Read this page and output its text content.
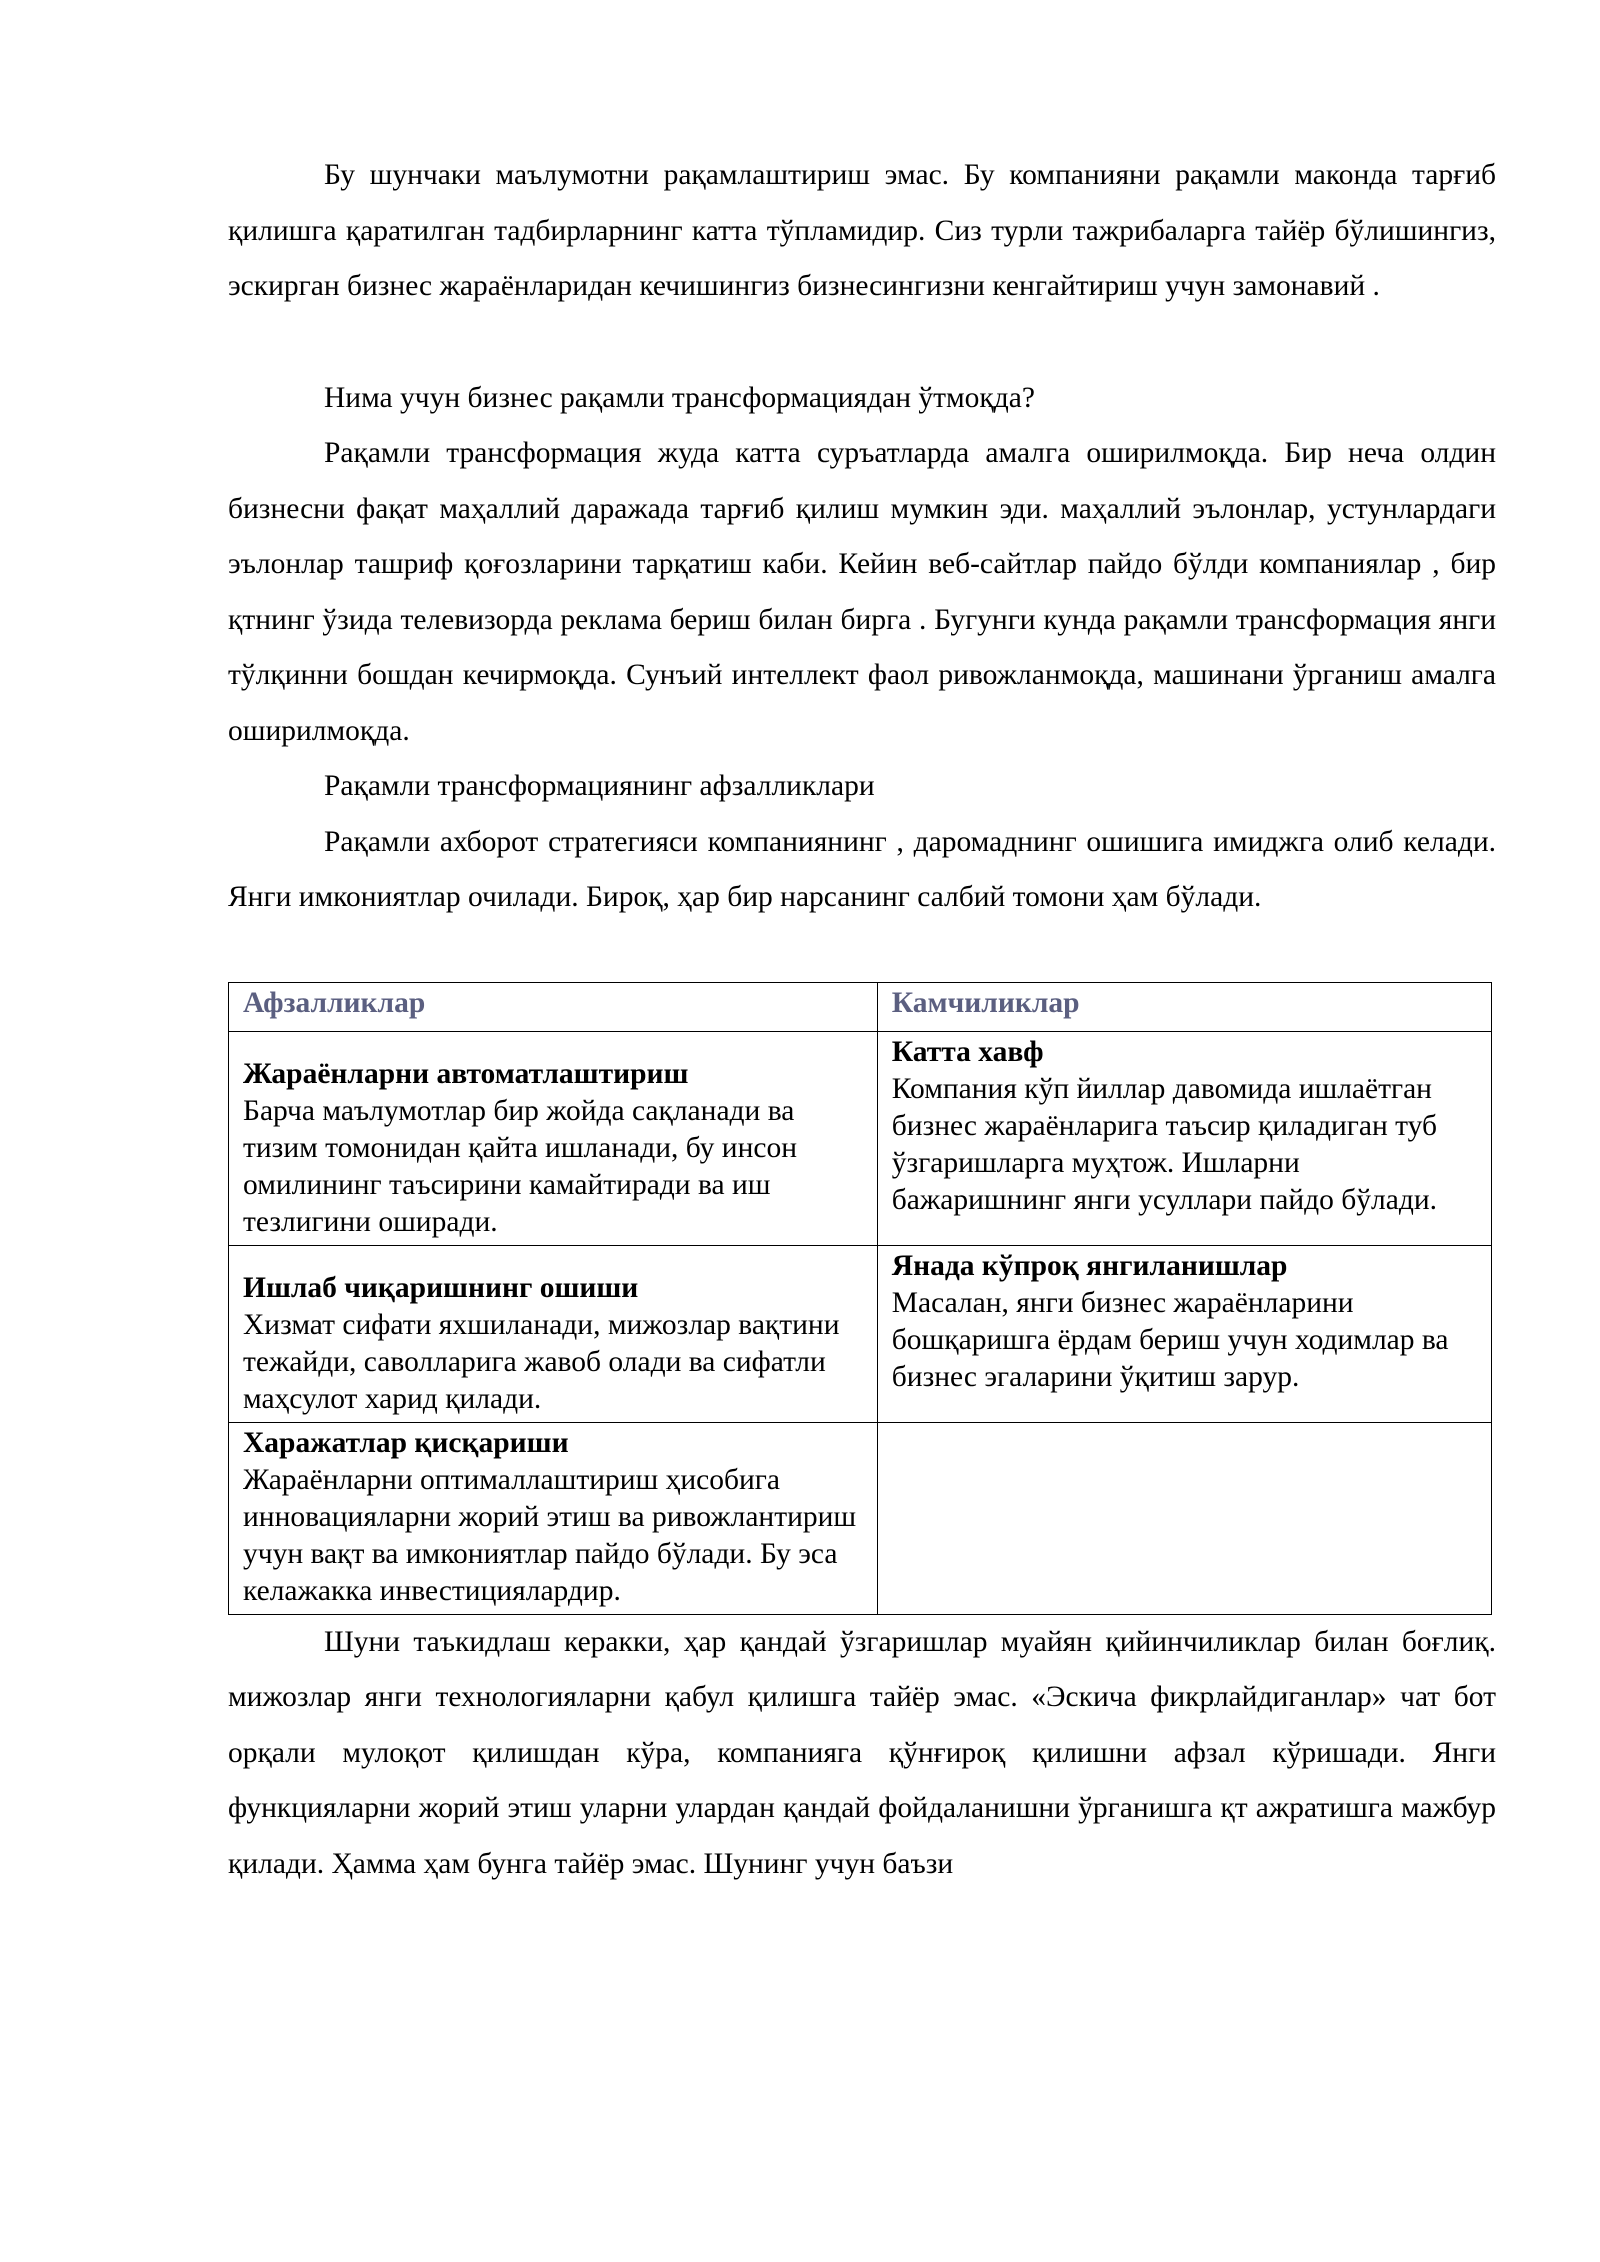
Бу шунчаки маълумотни рақамлаштириш эмас. Бу компанияни рақамли маконда тарғиб қилишга қаратилган тадбирларнинг катта тўпламидир. Сиз турли тажрибаларга тайёр бўлишингиз, эскирган бизнес жараёнларидан кечишингиз бизнесингизни кенгайтириш учун замонавий .

Нима учун бизнес рақамли трансформациядан ўтмоқда?

Рақамли трансформация жуда катта суръатларда амалга оширилмоқда. Бир неча олдин бизнесни фақат маҳаллий даражада тарғиб қилиш мумкин эди. маҳаллий эълонлар, устунлардаги эълонлар ташриф қоғозларини тарқатиш каби. Кейин веб-сайтлар пайдо бўлди компаниялар , бир қтнинг ўзида телевизорда реклама бериш билан бирга . Бугунги кунда рақамли трансформация янги тўлқинни бошдан кечирмоқда. Сунъий интеллект фаол ривожланмоқда, машинани ўрганиш амалга оширилмоқда.

Рақамли трансформациянинг афзалликлари

Рақамли ахборот стратегияси компаниянинг , даромаднинг ошишига имиджга олиб келади. Янги имкониятлар очилади. Бироқ, ҳар бир нарсанинг салбий томони ҳам бўлади.

Афзалликлар	Камчиликлар

Жараёнларни автоматлаштириш
Барча маълумотлар бир жойда сақланади ва тизим томонидан қайта ишланади, бу инсон омилининг таъсирини камайтиради ва иш тезлигини оширади.	Катта хавф
Компания кўп йиллар давомида ишлаётган бизнес жараёнларига таъсир қиладиган туб ўзгаришларга муҳтож. Ишларни бажаришнинг янги усуллари пайдо бўлади.

Ишлаб чиқаришнинг ошиши
Хизмат сифати яхшиланади, мижозлар вақтини тежайди, саволларига жавоб олади ва сифатли маҳсулот харид қилади.	Янада кўпроқ янгиланишлар
Масалан, янги бизнес жараёнларини бошқаришга ёрдам бериш учун ходимлар ва бизнес эгаларини ўқитиш зарур.

Харажатлар қисқариши
Жараёнларни оптималлаштириш ҳисобига инновацияларни жорий этиш ва ривожлантириш учун вақт ва имкониятлар пайдо бўлади. Бу эса келажакка инвестициялардир.	

Шуни таъкидлаш керакки, ҳар қандай ўзгаришлар муайян қийинчиликлар билан боғлиқ. мижозлар янги технологияларни қабул қилишга тайёр эмас. «Эскича фикрлайдиганлар» чат бот орқали мулоқот қилишдан кўра, компанияга қўнғироқ қилишни афзал кўришади. Янги функцияларни жорий этиш уларни улардан қандай фойдаланишни ўрганишга қт ажратишга мажбур қилади. Ҳамма ҳам бунга тайёр эмас. Шунинг учун баъзи
